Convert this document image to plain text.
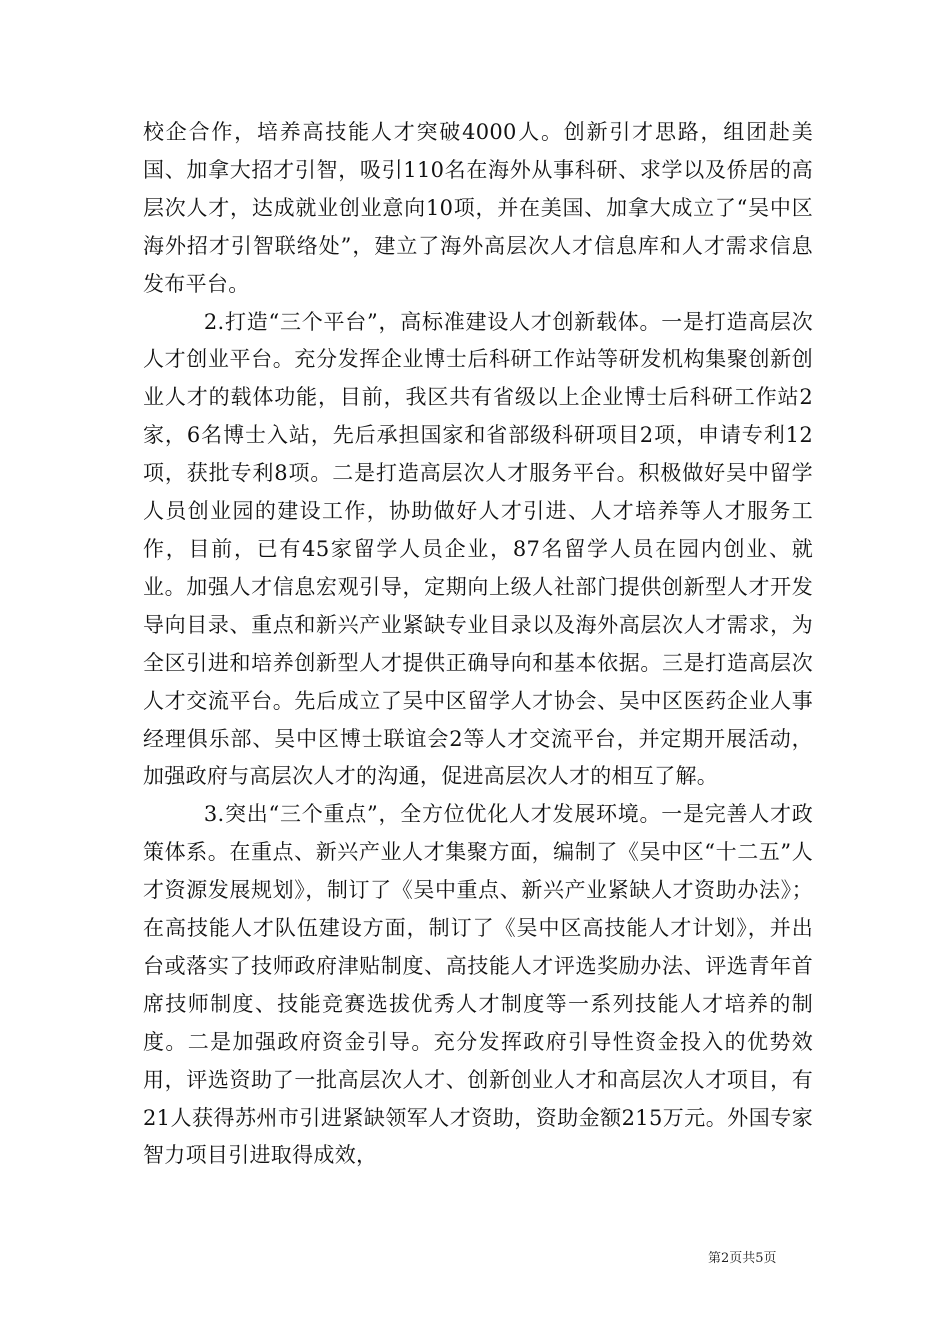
校企合作，培养高技能人才突破4000人。创新引才思路，组团赴美国、加拿大招才引智，吸引110名在海外从事科研、求学以及侨居的高层次人才，达成就业创业意向10项，并在美国、加拿大成立了“吴中区海外招才引智联络处”，建立了海外高层次人才信息库和人才需求信息发布平台。

2.打造“三个平台”，高标准建设人才创新载体。一是打造高层次人才创业平台。充分发挥企业博士后科研工作站等研发机构集聚创新创业人才的载体功能，目前，我区共有省级以上企业博士后科研工作站2家，6名博士入站，先后承担国家和省部级科研项目2项，申请专利12项，获批专利8项。二是打造高层次人才服务平台。积极做好吴中留学人员创业园的建设工作，协助做好人才引进、人才培养等人才服务工作，目前，已有45家留学人员企业，87名留学人员在园内创业、就业。加强人才信息宏观引导，定期向上级人社部门提供创新型人才开发导向目录、重点和新兴产业紧缺专业目录以及海外高层次人才需求，为全区引进和培养创新型人才提供正确导向和基本依据。三是打造高层次人才交流平台。先后成立了吴中区留学人才协会、吴中区医药企业人事经理俱乐部、吴中区博士联谊会2等人才交流平台，并定期开展活动，加强政府与高层次人才的沟通，促进高层次人才的相互了解。

3.突出“三个重点”，全方位优化人才发展环境。一是完善人才政策体系。在重点、新兴产业人才集聚方面，编制了《吴中区“十二五”人才资源发展规划》，制订了《吴中重点、新兴产业紧缺人才资助办法》；在高技能人才队伍建设方面，制订了《吴中区高技能人才计划》，并出台或落实了技师政府津贴制度、高技能人才评选奖励办法、评选青年首席技师制度、技能竞赛选拔优秀人才制度等一系列技能人才培养的制度。二是加强政府资金引导。充分发挥政府引导性资金投入的优势效用，评选资助了一批高层次人才、创新创业人才和高层次人才项目，有21人获得苏州市引进紧缺领军人才资助，资助金额215万元。外国专家智力项目引进取得成效，

第2页共5页
